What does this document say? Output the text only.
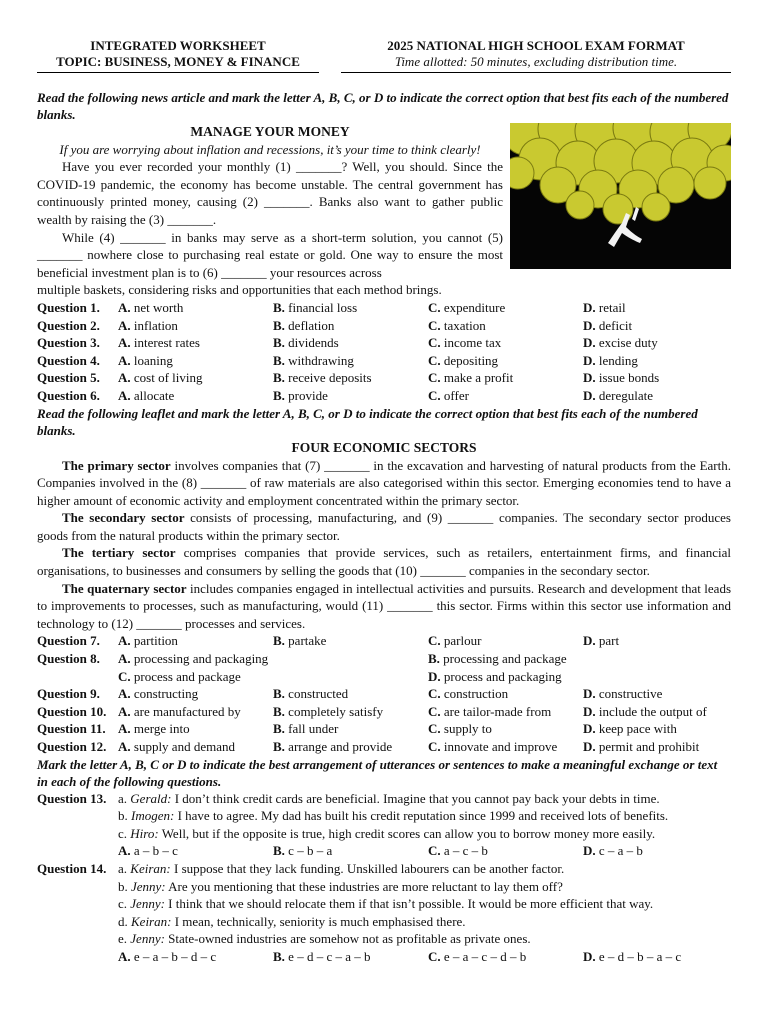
INTEGRATED WORKSHEET
TOPIC: BUSINESS, MONEY & FINANCE
2025 NATIONAL HIGH SCHOOL EXAM FORMAT
Time allotted: 50 minutes, excluding distribution time.
Read the following news article and mark the letter A, B, C, or D to indicate the correct option that best fits each of the numbered blanks.
MANAGE YOUR MONEY
If you are worrying about inflation and recessions, it’s your time to think clearly!

Have you ever recorded your monthly (1) _______? Well, you should. Since the COVID-19 pandemic, the economy has become unstable. The central government has continuously printed money, causing (2) _______. Banks also want to gather public wealth by raising the (3) _______.

While (4) _______ in banks may serve as a short-term solution, you cannot (5) _______ nowhere close to purchasing real estate or gold. One way to ensure the most beneficial investment plan is to (6) _______ your resources across

multiple baskets, considering risks and opportunities that each method brings.
Question 1.	A. net worth	B. financial loss	C. expenditure	D. retail
Question 2.	A. inflation	B. deflation	C. taxation	D. deficit
Question 3.	A. interest rates	B. dividends	C. income tax	D. excise duty
Question 4.	A. loaning	B. withdrawing	C. depositing	D. lending
Question 5.	A. cost of living	B. receive deposits	C. make a profit	D. issue bonds
Question 6.	A. allocate	B. provide	C. offer	D. deregulate
Read the following leaflet and mark the letter A, B, C, or D to indicate the correct option that best fits each of the numbered blanks.
FOUR ECONOMIC SECTORS

The primary sector involves companies that (7) _______ in the excavation and harvesting of natural products from the Earth. Companies involved in the (8) _______ of raw materials are also categorised within this sector. Emerging economies tend to have a higher amount of economic activity and employment concentrated within the primary sector.

The secondary sector consists of processing, manufacturing, and (9) _______ companies. The secondary sector produces goods from the natural products within the primary sector.

The tertiary sector comprises companies that provide services, such as retailers, entertainment firms, and financial organisations, to businesses and consumers by selling the goods that (10) _______ companies in the secondary sector.

The quaternary sector includes companies engaged in intellectual activities and pursuits. Research and development that leads to improvements to processes, such as manufacturing, would (11) _______ this sector. Firms within this sector use information and technology to (12) _______ processes and services.

Question 7.	A. partition	B. partake	C. parlour	D. part
Question 8.	A. processing and packaging	B. processing and package
C. process and package	D. process and packaging
Question 9.	A. constructing	B. constructed	C. construction	D. constructive
Question 10. A. are manufactured by	B. completely satisfy	C. are tailor-made from	D. include the output of
Question 11. A. merge into	B. fall under	C. supply to	D. keep pace with
Question 12. A. supply and demand	B. arrange and provide	C. innovate and improve	D. permit and prohibit
Mark the letter A, B, C or D to indicate the best arrangement of utterances or sentences to make a meaningful exchange or text in each of the following questions.
Question 13. a. Gerald: I don’t think credit cards are beneficial. Imagine that you cannot pay back your debts in time.
b. Imogen: I have to agree. My dad has built his credit reputation since 1999 and received lots of benefits.
c. Hiro: Well, but if the opposite is true, high credit scores can allow you to borrow money more easily.
A. a – b – c	B. c – b – a	C. a – c – b	D. c – a – b
Question 14. a. Keiran: I suppose that they lack funding. Unskilled labourers can be another factor.
b. Jenny: Are you mentioning that these industries are more reluctant to lay them off?
c. Jenny: I think that we should relocate them if that isn’t possible. It would be more efficient that way.
d. Keiran: I mean, technically, seniority is much emphasised there.
e. Jenny: State-owned industries are somehow not as profitable as private ones.
A. e – a – b – d – c	B. e – d – c – a – b	C. e – a – c – d – b	D. e – d – b – a – c
